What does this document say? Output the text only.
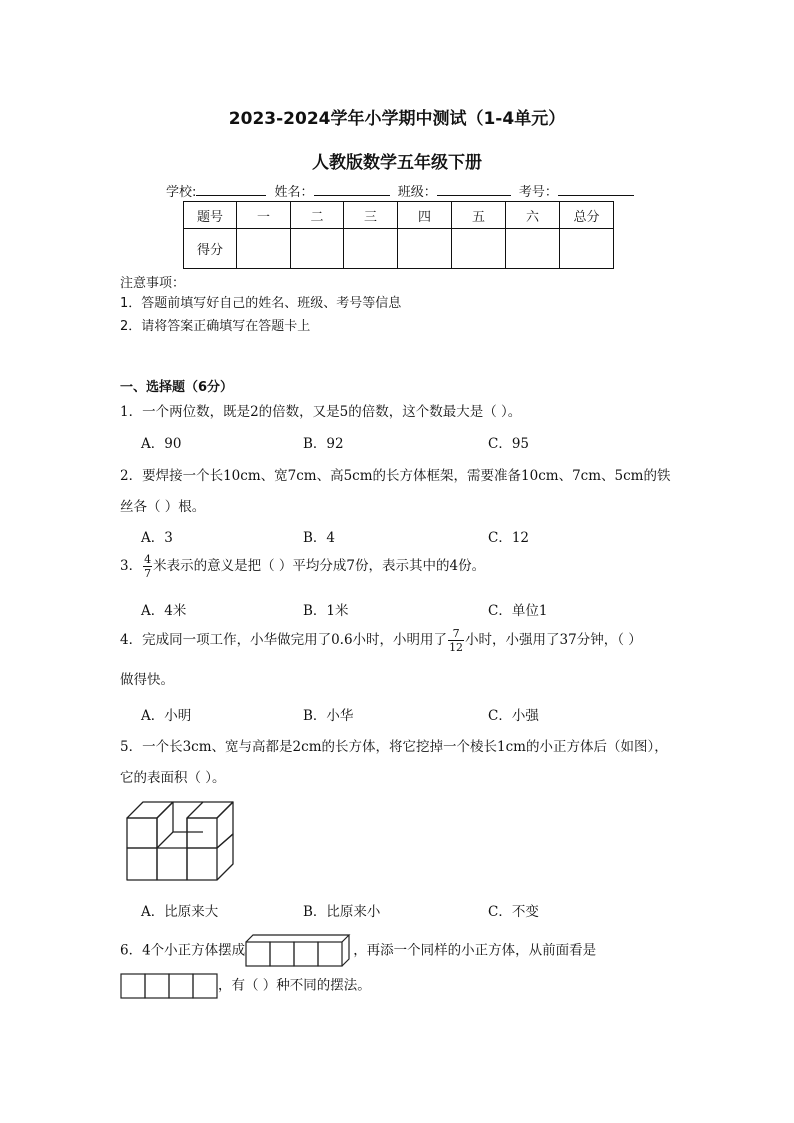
2023-2024学年小学期中测试（1-4单元）
人教版数学五年级下册
学校:	姓名：	班级：	考号：
题号	一	二	三	四	五	六	总分
得分							
注意事项：
1．答题前填写好自己的姓名、班级、考号等信息
2．请将答案正确填写在答题卡上
一、选择题（6分）
1．一个两位数，既是2的倍数，又是5的倍数，这个数最大是（ ）。
A．90	B．92	C．95
2．要焊接一个长10cm、宽7cm、高5cm的长方体框架，需要准备10cm、7cm、5cm的铁
丝各（ ）根。
A．3	B．4	C．12
3． $\frac{4}{7}$ 米表示的意义是把（ ）平均分成7份，表示其中的4份。
A．4米	B．1米	C．单位1
4．完成同一项工作，小华做完用了0.6小时，小明用了 $\frac{7}{12}$ 小时，小强用了37分钟，（ ）
做得快。
A．小明	B．小华	C．小强
5．一个长3cm、宽与高都是2cm的长方体，将它挖掉一个棱长1cm的小正方体后（如图），
它的表面积（ ）。
A．比原来大	B．比原来小	C．不变
6．4个小正方体摆成	，再添一个同样的小正方体，从前面看是
，有（ ）种不同的摆法。
